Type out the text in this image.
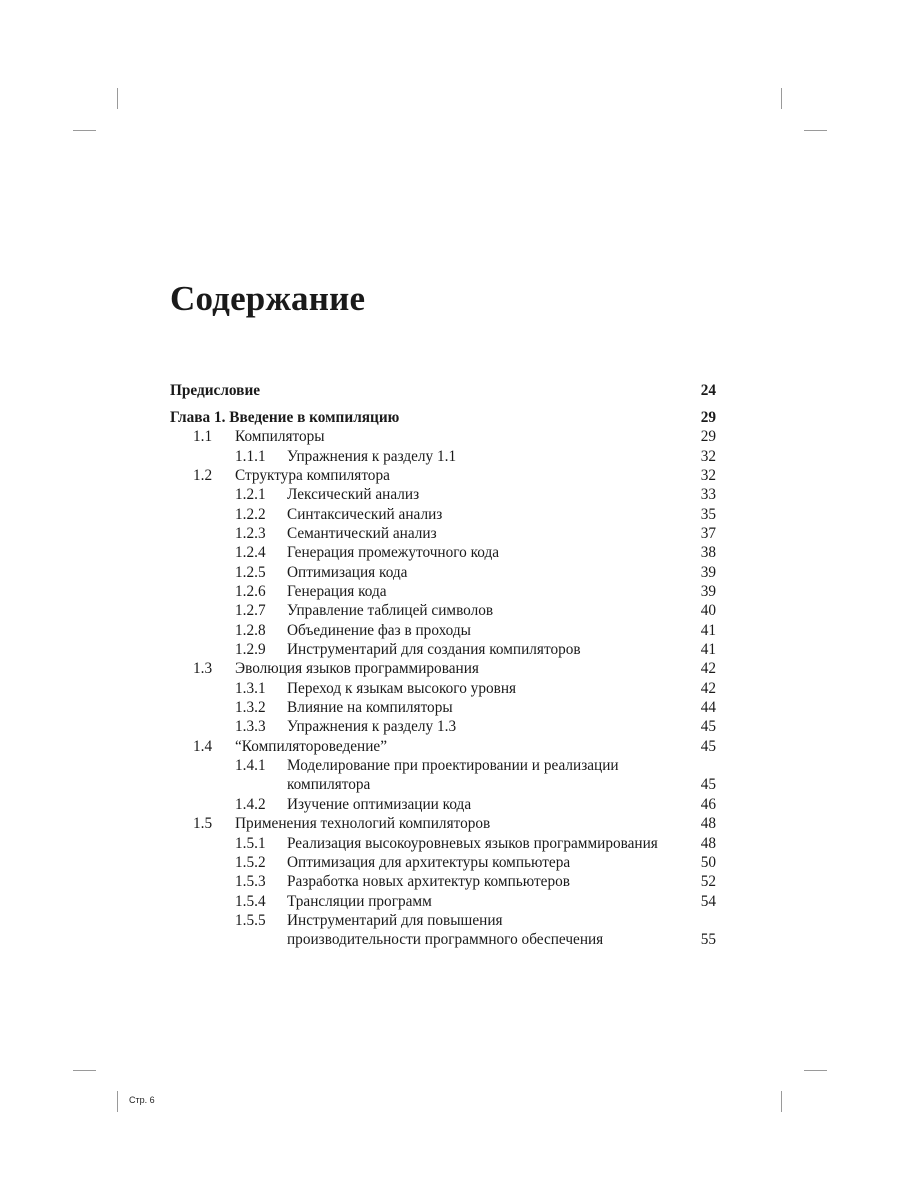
Содержание
Предисловие	24
Глава 1. Введение в компиляцию	29
1.1 Компиляторы	29
1.1.1 Упражнения к разделу 1.1	32
1.2 Структура компилятора	32
1.2.1 Лексический анализ	33
1.2.2 Синтаксический анализ	35
1.2.3 Семантический анализ	37
1.2.4 Генерация промежуточного кода	38
1.2.5 Оптимизация кода	39
1.2.6 Генерация кода	39
1.2.7 Управление таблицей символов	40
1.2.8 Объединение фаз в проходы	41
1.2.9 Инструментарий для создания компиляторов	41
1.3 Эволюция языков программирования	42
1.3.1 Переход к языкам высокого уровня	42
1.3.2 Влияние на компиляторы	44
1.3.3 Упражнения к разделу 1.3	45
1.4 “Компилятороведение”	45
1.4.1 Моделирование при проектировании и реализации
компилятора	45
1.4.2 Изучение оптимизации кода	46
1.5 Применения технологий компиляторов	48
1.5.1 Реализация высокоуровневых языков программирования	48
1.5.2 Оптимизация для архитектуры компьютера	50
1.5.3 Разработка новых архитектур компьютеров	52
1.5.4 Трансляции программ	54
1.5.5 Инструментарий для повышения
производительности программного обеспечения	55
Стр. 6
